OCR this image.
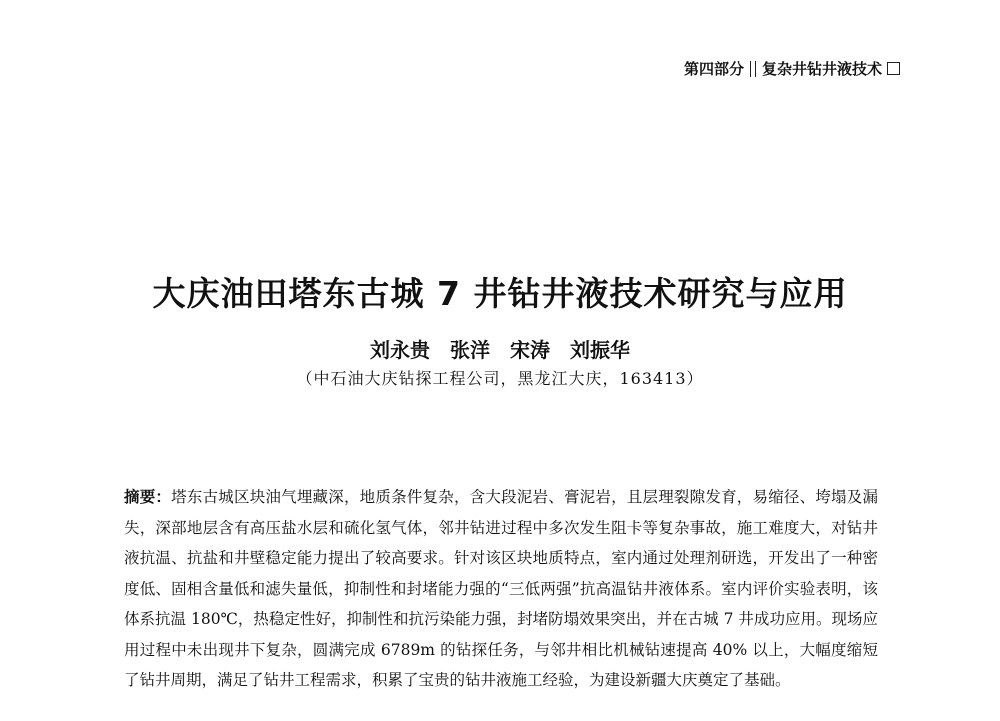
第四部分 复杂井钻井液技术
大庆油田塔东古城 7 井钻井液技术研究与应用
刘永贵　张洋　宋涛　刘振华
（中石油大庆钻探工程公司，黑龙江大庆，163413）
摘要：塔东古城区块油气埋藏深，地质条件复杂，含大段泥岩、膏泥岩，且层理裂隙发育，易缩径、垮塌及漏失，深部地层含有高压盐水层和硫化氢气体，邻井钻进过程中多次发生阻卡等复杂事故，施工难度大，对钻井液抗温、抗盐和井壁稳定能力提出了较高要求。针对该区块地质特点，室内通过处理剂研选，开发出了一种密度低、固相含量低和滤失量低，抑制性和封堵能力强的“三低两强”抗高温钻井液体系。室内评价实验表明，该体系抗温 180℃，热稳定性好，抑制性和抗污染能力强，封堵防塌效果突出，并在古城 7 井成功应用。现场应用过程中未出现井下复杂，圆满完成 6789m 的钻探任务，与邻井相比机械钻速提高 40% 以上，大幅度缩短了钻井周期，满足了钻井工程需求，积累了宝贵的钻井液施工经验，为建设新疆大庆奠定了基础。
